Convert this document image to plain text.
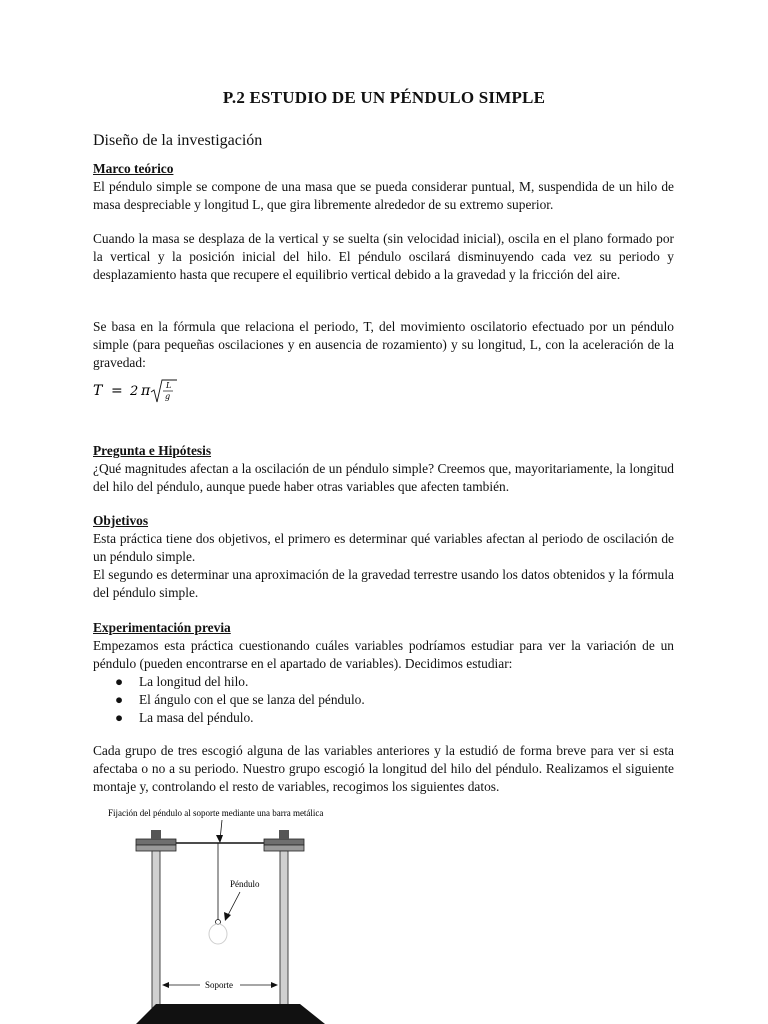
P.2 ESTUDIO DE UN PÉNDULO SIMPLE
Diseño de la investigación
Marco teórico
El péndulo simple se compone de una masa que se pueda considerar puntual, M, suspendida de un hilo de masa despreciable y longitud L, que gira libremente alrededor de su extremo superior.
Cuando la masa se desplaza de la vertical y se suelta (sin velocidad inicial), oscila en el plano formado por la vertical y la posición inicial del hilo. El péndulo oscilará disminuyendo cada vez su periodo y desplazamiento hasta que recupere el equilibrio vertical debido a la gravedad y la fricción del aire.
Se basa en la fórmula que relaciona el periodo, T, del movimiento oscilatorio efectuado por un péndulo simple (para pequeñas oscilaciones y en ausencia de rozamiento) y su longitud, L, con la aceleración de la gravedad:
T = 2 π L
g
Pregunta e Hipótesis
¿Qué magnitudes afectan a la oscilación de un péndulo simple? Creemos que, mayoritariamente, la longitud del hilo del péndulo, aunque puede haber otras variables que afecten también.
Objetivos
Esta práctica tiene dos objetivos, el primero es determinar qué variables afectan al periodo de oscilación de un péndulo simple.
El segundo es determinar una aproximación de la gravedad terrestre usando los datos obtenidos y la fórmula del péndulo simple.
Experimentación previa
Empezamos esta práctica cuestionando cuáles variables podríamos estudiar para ver la variación de un péndulo (pueden encontrarse en el apartado de variables). Decidimos estudiar:
● La longitud del hilo.
● El ángulo con el que se lanza del péndulo.
● La masa del péndulo.
Cada grupo de tres escogió alguna de las variables anteriores y la estudió de forma breve para ver si esta afectaba o no a su periodo. Nuestro grupo escogió la longitud del hilo del péndulo. Realizamos el siguiente montaje y, controlando el resto de variables, recogimos los siguientes datos.
Fijación del péndulo al soporte mediante una barra metálica
Péndulo
Soporte
